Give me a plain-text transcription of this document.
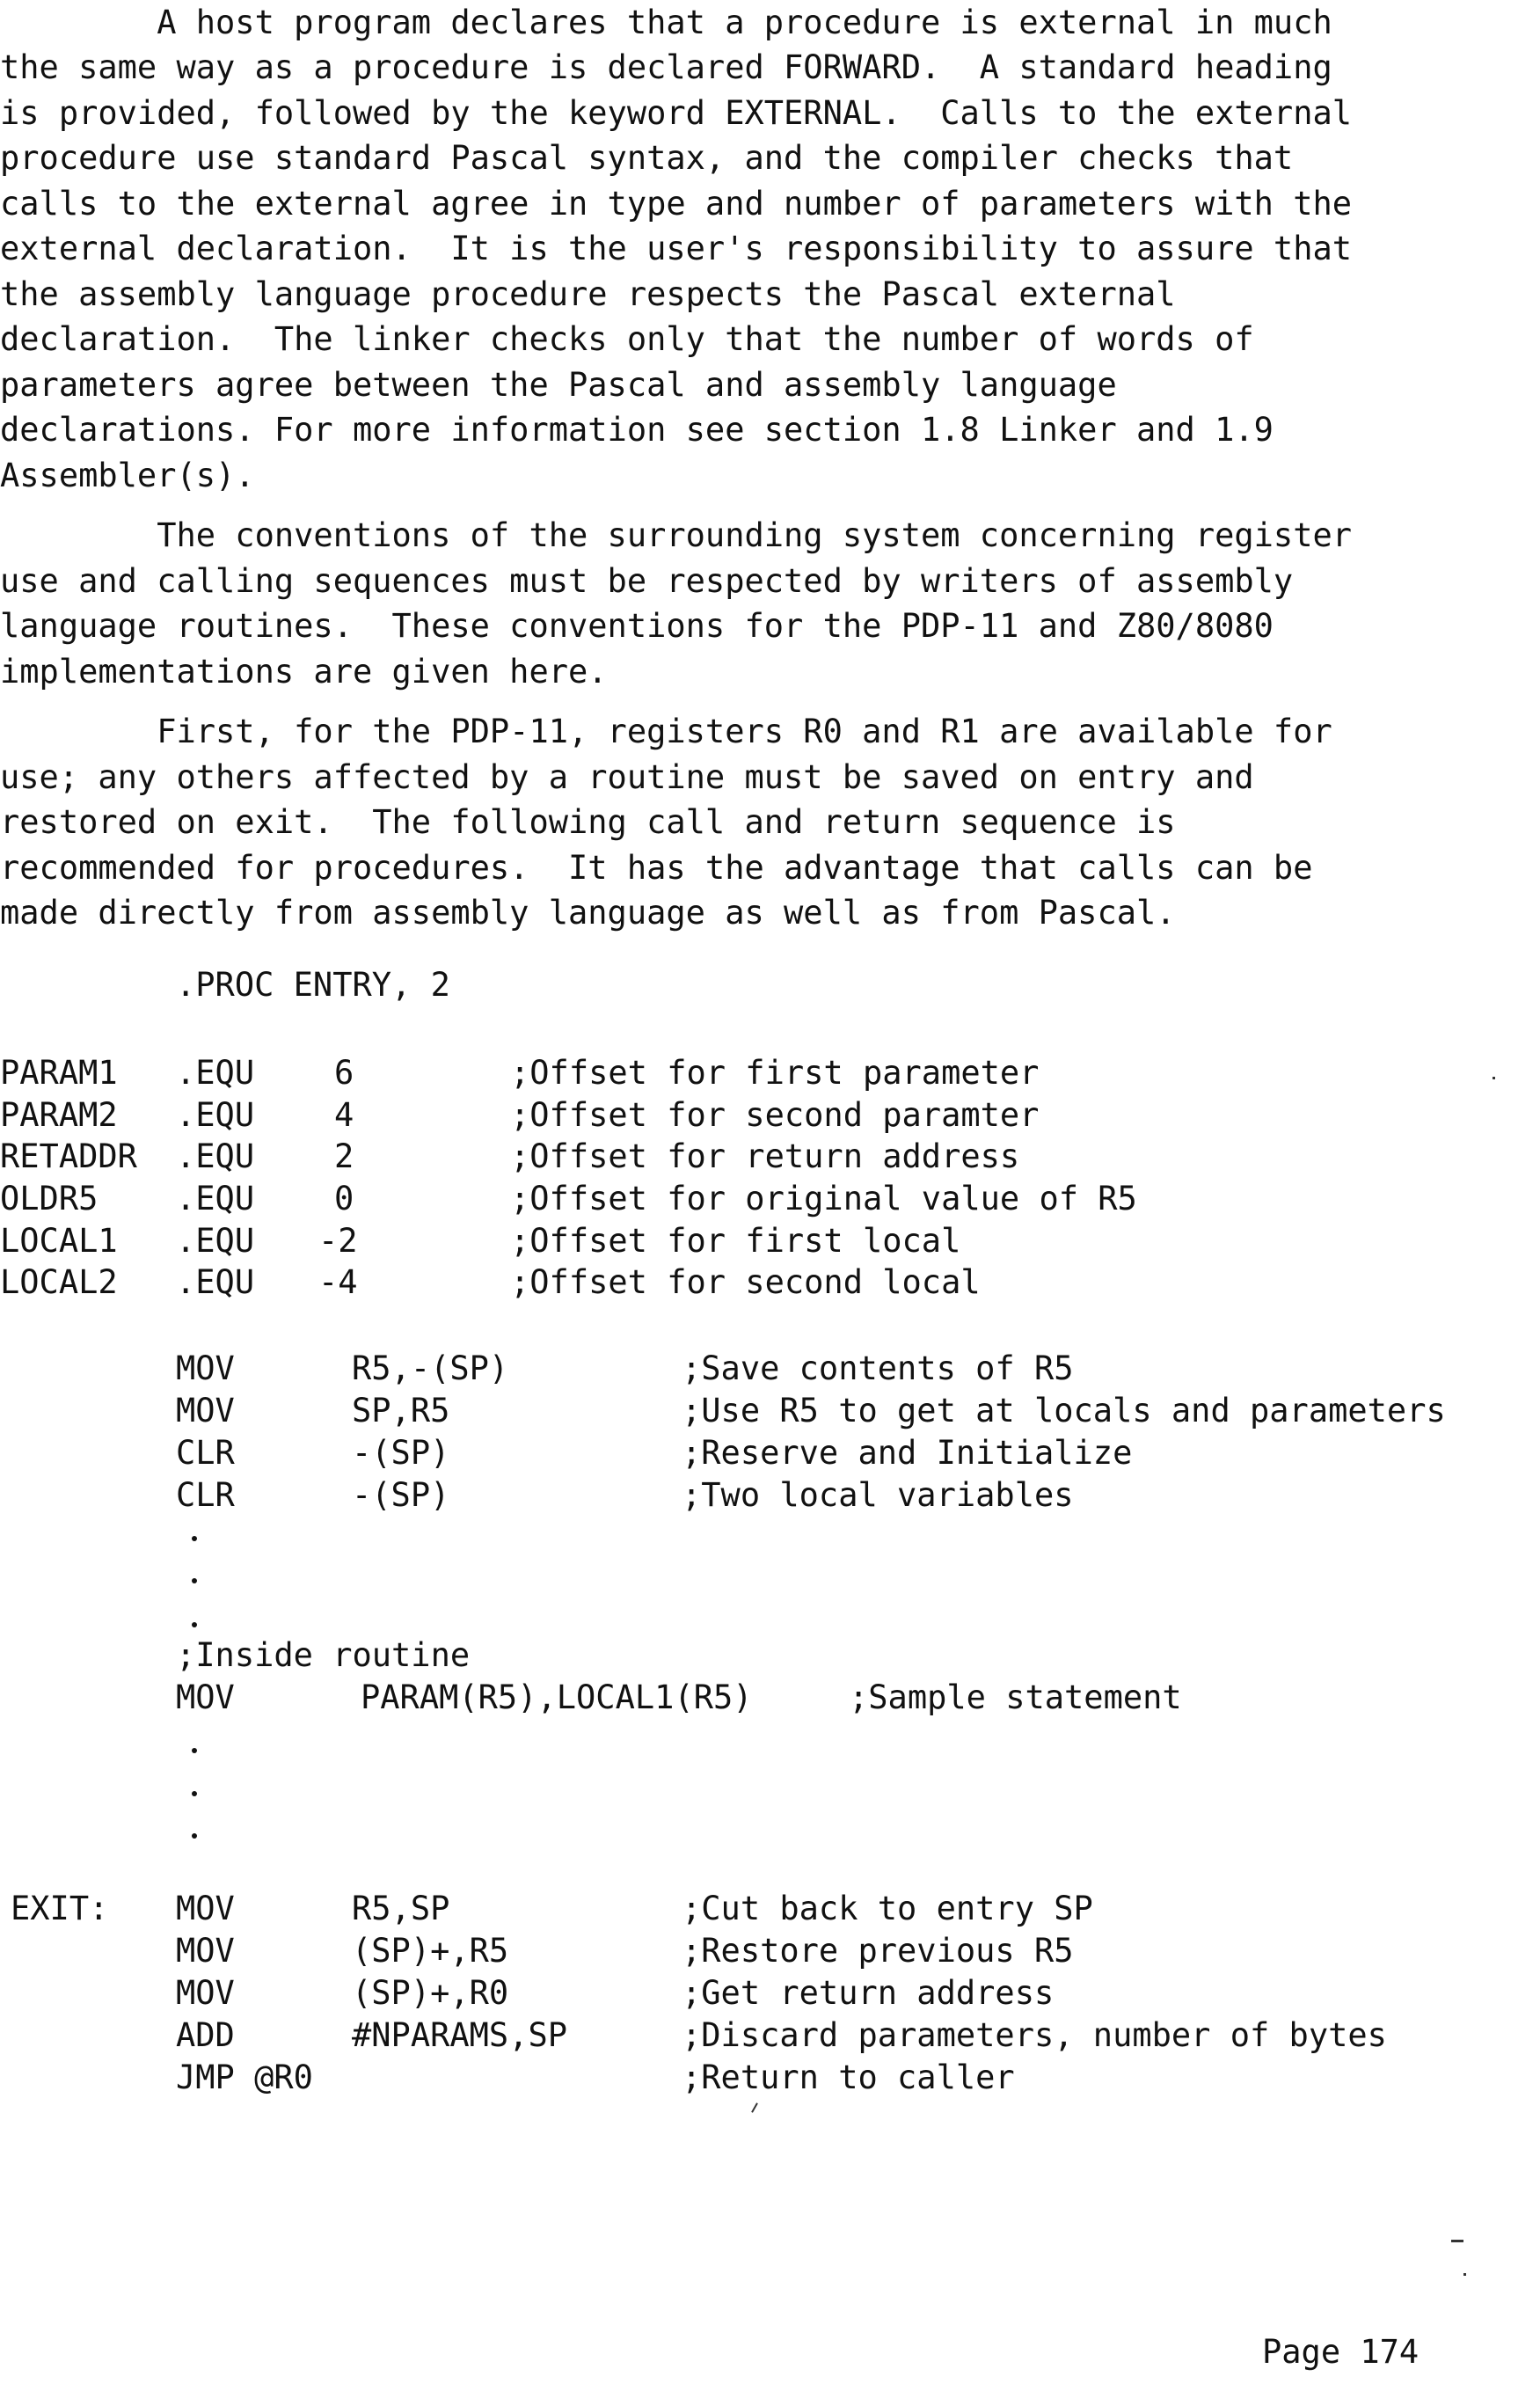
A host program declares that a procedure is external in much
the same way as a procedure is declared FORWARD.  A standard heading
is provided, followed by the keyword EXTERNAL.  Calls to the external
procedure use standard Pascal syntax, and the compiler checks that
calls to the external agree in type and number of parameters with the
external declaration.  It is the user's responsibility to assure that
the assembly language procedure respects the Pascal external
declaration.  The linker checks only that the number of words of
parameters agree between the Pascal and assembly language
declarations. For more information see section 1.8 Linker and 1.9
Assembler(s).
The conventions of the surrounding system concerning register
use and calling sequences must be respected by writers of assembly
language routines.  These conventions for the PDP-11 and Z80/8080
implementations are given here.
First, for the PDP-11, registers R0 and R1 are available for
use; any others affected by a routine must be saved on entry and
restored on exit.  The following call and return sequence is
recommended for procedures.  It has the advantage that calls can be
made directly from assembly language as well as from Pascal.
.PROC ENTRY, 2
PARAM1 .EQU 6	;Offset for first parameter
PARAM2 .EQU 4	;Offset for second paramter
RETADDR .EQU 2	;Offset for return address
OLDR5 .EQU 0	;Offset for original value of R5
LOCAL1 .EQU -2	;Offset for first local
LOCAL2 .EQU -4	;Offset for second local
MOV	R5,-(SP)	;Save contents of R5
MOV	SP,R5	;Use R5 to get at locals and parameters
CLR	-(SP)	;Reserve and Initialize
CLR	-(SP)	;Two local variables
;Inside routine
MOV	PARAM(R5),LOCAL1(R5)	;Sample statement
EXIT: MOV	R5,SP	;Cut back to entry SP
MOV	(SP)+,R5	;Restore previous R5
MOV	(SP)+,R0	;Get return address
ADD	#NPARAMS,SP	;Discard parameters, number of bytes
JMP @R0	;Return to caller
Page 174
